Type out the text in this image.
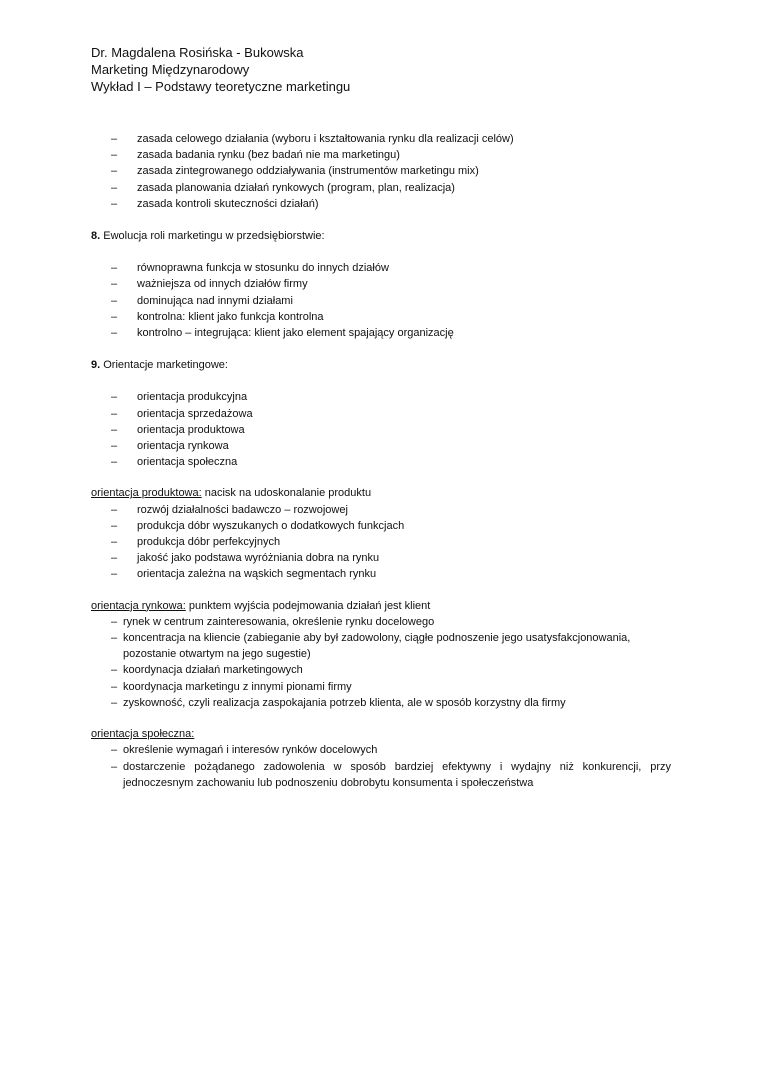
Dr. Magdalena Rosińska - Bukowska
Marketing Międzynarodowy
Wykład I – Podstawy teoretyczne marketingu
– zasada celowego działania (wyboru i kształtowania rynku dla realizacji celów)
– zasada badania rynku (bez badań nie ma marketingu)
– zasada zintegrowanego oddziaływania (instrumentów marketingu mix)
– zasada planowania działań rynkowych (program, plan, realizacja)
– zasada kontroli skuteczności działań)
8. Ewolucja roli marketingu w przedsiębiorstwie:
– równoprawna funkcja w stosunku do innych działów
– ważniejsza od innych działów firmy
– dominująca nad innymi działami
– kontrolna: klient jako funkcja kontrolna
– kontrolno – integrująca: klient jako element spajający organizację
9. Orientacje marketingowe:
– orientacja produkcyjna
– orientacja sprzedażowa
– orientacja produktowa
– orientacja rynkowa
– orientacja społeczna
orientacja produktowa: nacisk na udoskonalanie produktu
– rozwój działalności badawczo – rozwojowej
– produkcja dóbr wyszukanych o dodatkowych funkcjach
– produkcja dóbr perfekcyjnych
– jakość jako podstawa wyróżniania dobra na rynku
– orientacja zależna na wąskich segmentach rynku
orientacja rynkowa: punktem wyjścia podejmowania działań jest klient
– rynek w centrum zainteresowania, określenie rynku docelowego
– koncentracja na kliencie (zabieganie aby był zadowolony, ciągłe podnoszenie jego usatysfakcjonowania, pozostanie otwartym na jego sugestie)
– koordynacja działań marketingowych
– koordynacja marketingu z innymi pionami firmy
– zyskowność, czyli realizacja zaspokajania potrzeb klienta, ale w sposób korzystny dla firmy
orientacja społeczna:
– określenie wymagań i interesów rynków docelowych
– dostarczenie pożądanego zadowolenia w sposób bardziej efektywny i wydajny niż konkurencji, przy jednoczesnym zachowaniu lub podnoszeniu dobrobytu konsumenta i społeczeństwa
